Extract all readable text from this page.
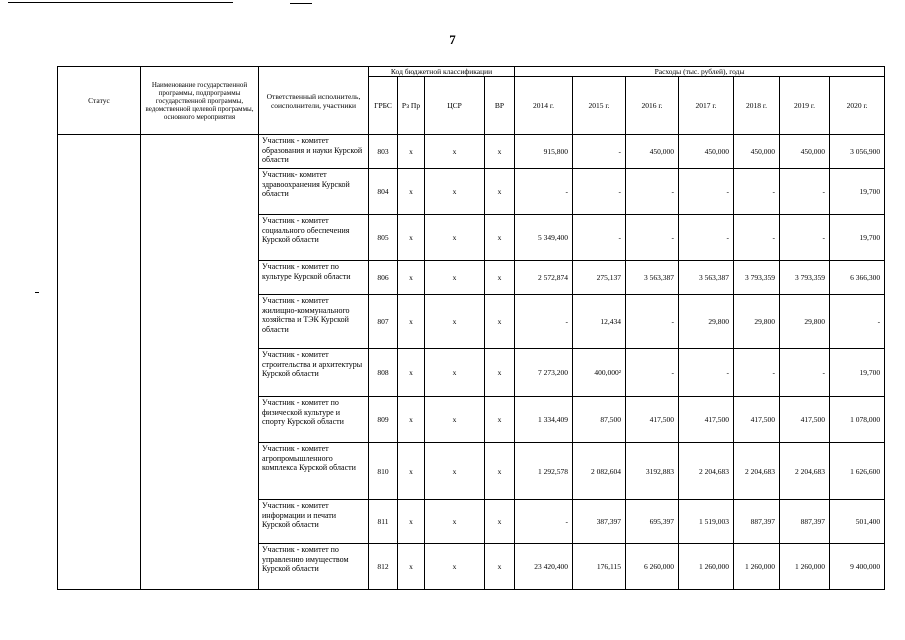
7
Статус	Наименование государственной программы, подпрограммы государственной программы, ведомственной целевой программы, основного мероприятия	Ответственный исполнитель, соисполнители, участники	Код бюджетной классификации				Расходы (тыс. рублей), годы						
			ГРБС	Рз Пр	ЦСР	ВР	2014 г.	2015 г.	2016 г.	2017 г.	2018 г.	2019 г.	2020 г.
		Участник - комитет образования и науки Курской области	803	х	х	х	915,800	-	450,000	450,000	450,000	450,000	3 056,900
		Участник- комитет здравоохранения Курской области	804	х	х	х	-	-	-	-	-	-	19,700
		Участник - комитет социального обеспечения Курской области	805	х	х	х	5 349,400	-	-	-	-	-	19,700
		Участник - комитет по культуре Курской области	806	х	х	х	2 572,874	275,137	3 563,387	3 563,387	3 793,359	3 793,359	6 366,300
		Участник - комитет жилищно-коммунального хозяйства и ТЭК Курской области	807	х	х	х	-	12,434	-	29,800	29,800	29,800	-
		Участник - комитет строительства и архитектуры Курской области	808	х	х	х	7 273,200	400,000²	-	-	-	-	19,700
		Участник - комитет по физической культуре и спорту Курской области	809	х	х	х	1 334,409	87,500	417,500	417,500	417,500	417,500	1 078,000
		Участник - комитет агропромышленного комплекса Курской области	810	х	х	х	1 292,578	2 082,604	3192,883	2 204,683	2 204,683	2 204,683	1 626,600
		Участник - комитет информации и печати Курской области	811	х	х	х	-	387,397	695,397	1 519,003	887,397	887,397	501,400
		Участник - комитет по управлению имуществом Курской области	812	х	х	х	23 420,400	176,115	6 260,000	1 260,000	1 260,000	1 260,000	9 400,000
